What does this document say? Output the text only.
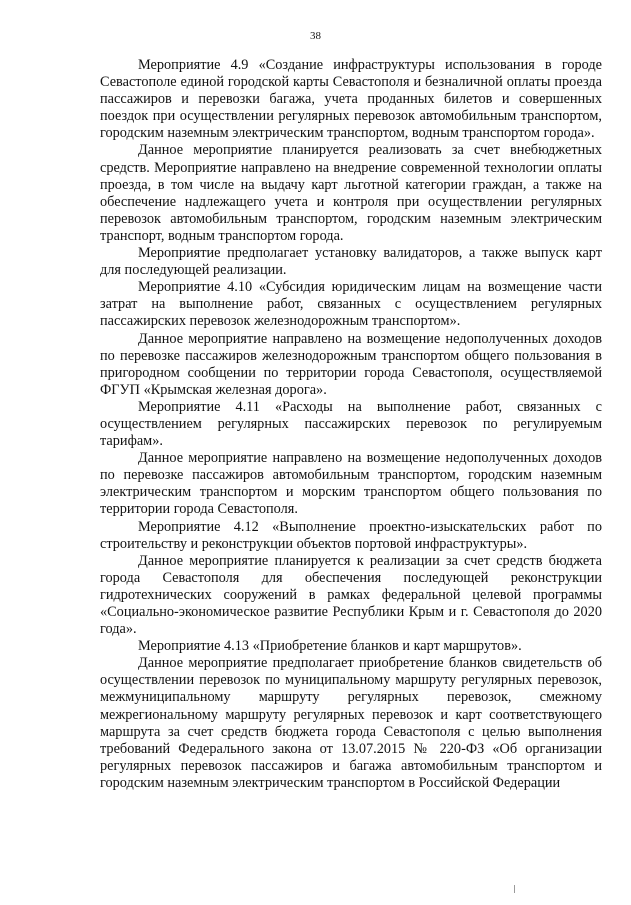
38

Мероприятие 4.9 «Создание инфраструктуры использования в городе Севастополе единой городской карты Севастополя и безналичной оплаты проезда пассажиров и перевозки багажа, учета проданных билетов и совершенных поездок при осуществлении регулярных перевозок автомобильным транспортом, городским наземным электрическим транспортом, водным транспортом города».

Данное мероприятие планируется реализовать за счет внебюджетных средств. Мероприятие направлено на внедрение современной технологии оплаты проезда, в том числе на выдачу карт льготной категории граждан, а также на обеспечение надлежащего учета и контроля при осуществлении регулярных перевозок автомобильным транспортом, городским наземным электрическим транспорт, водным транспортом города.

Мероприятие предполагает установку валидаторов, а также выпуск карт для последующей реализации.

Мероприятие 4.10 «Субсидия юридическим лицам на возмещение части затрат на выполнение работ, связанных с осуществлением регулярных пассажирских перевозок железнодорожным транспортом».

Данное мероприятие направлено на возмещение недополученных доходов по перевозке пассажиров железнодорожным транспортом общего пользования в пригородном сообщении по территории города Севастополя, осуществляемой ФГУП «Крымская железная дорога».

Мероприятие 4.11 «Расходы на выполнение работ, связанных с осуществлением регулярных пассажирских перевозок по регулируемым тарифам».

Данное мероприятие направлено на возмещение недополученных доходов по перевозке пассажиров автомобильным транспортом, городским наземным электрическим транспортом и морским транспортом общего пользования по территории города Севастополя.

Мероприятие 4.12 «Выполнение проектно-изыскательских работ по строительству и реконструкции объектов портовой инфраструктуры».

Данное мероприятие планируется к реализации за счет средств бюджета города Севастополя для обеспечения последующей реконструкции гидротехнических сооружений в рамках федеральной целевой программы «Социально-экономическое развитие Республики Крым и г. Севастополя до 2020 года».

Мероприятие 4.13 «Приобретение бланков и карт маршрутов».

Данное мероприятие предполагает приобретение бланков свидетельств об осуществлении перевозок по муниципальному маршруту регулярных перевозок, межмуниципальному маршруту регулярных перевозок, смежному межрегиональному маршруту регулярных перевозок и карт соответствующего маршрута за счет средств бюджета города Севастополя с целью выполнения требований Федерального закона от 13.07.2015 № 220-ФЗ «Об организации регулярных перевозок пассажиров и багажа автомобильным транспортом и городским наземным электрическим транспортом в Российской Федерации
